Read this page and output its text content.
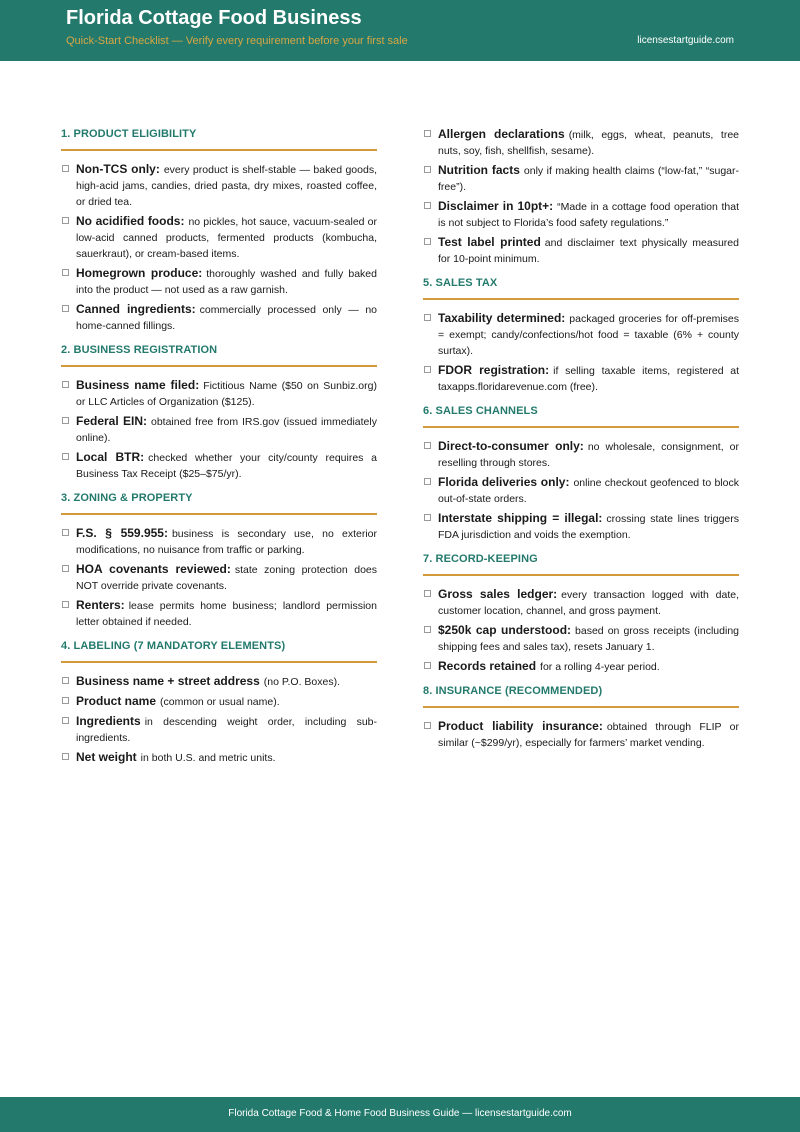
Florida Cottage Food Business
Quick-Start Checklist — Verify every requirement before your first sale	licensestartguide.com
1. PRODUCT ELIGIBILITY
Non-TCS only: every product is shelf-stable — baked goods, high-acid jams, candies, dried pasta, dry mixes, roasted coffee, or dried tea.
No acidified foods: no pickles, hot sauce, vacuum-sealed or low-acid canned products, fermented products (kombucha, sauerkraut), or cream-based items.
Homegrown produce: thoroughly washed and fully baked into the product — not used as a raw garnish.
Canned ingredients: commercially processed only — no home-canned fillings.
2. BUSINESS REGISTRATION
Business name filed: Fictitious Name ($50 on Sunbiz.org) or LLC Articles of Organization ($125).
Federal EIN: obtained free from IRS.gov (issued immediately online).
Local BTR: checked whether your city/county requires a Business Tax Receipt ($25–$75/yr).
3. ZONING & PROPERTY
F.S. § 559.955: business is secondary use, no exterior modifications, no nuisance from traffic or parking.
HOA covenants reviewed: state zoning protection does NOT override private covenants.
Renters: lease permits home business; landlord permission letter obtained if needed.
4. LABELING (7 MANDATORY ELEMENTS)
Business name + street address (no P.O. Boxes).
Product name (common or usual name).
Ingredients in descending weight order, including sub-ingredients.
Net weight in both U.S. and metric units.
Allergen declarations (milk, eggs, wheat, peanuts, tree nuts, soy, fish, shellfish, sesame).
Nutrition facts only if making health claims (“low-fat,” “sugar-free”).
Disclaimer in 10pt+: “Made in a cottage food operation that is not subject to Florida’s food safety regulations.”
Test label printed and disclaimer text physically measured for 10-point minimum.
5. SALES TAX
Taxability determined: packaged groceries for off-premises = exempt; candy/confections/hot food = taxable (6% + county surtax).
FDOR registration: if selling taxable items, registered at taxapps.floridarevenue.com (free).
6. SALES CHANNELS
Direct-to-consumer only: no wholesale, consignment, or reselling through stores.
Florida deliveries only: online checkout geofenced to block out-of-state orders.
Interstate shipping = illegal: crossing state lines triggers FDA jurisdiction and voids the exemption.
7. RECORD-KEEPING
Gross sales ledger: every transaction logged with date, customer location, channel, and gross payment.
$250k cap understood: based on gross receipts (including shipping fees and sales tax), resets January 1.
Records retained for a rolling 4-year period.
8. INSURANCE (RECOMMENDED)
Product liability insurance: obtained through FLIP or similar (~$299/yr), especially for farmers’ market vending.
Florida Cottage Food & Home Food Business Guide — licensestartguide.com
